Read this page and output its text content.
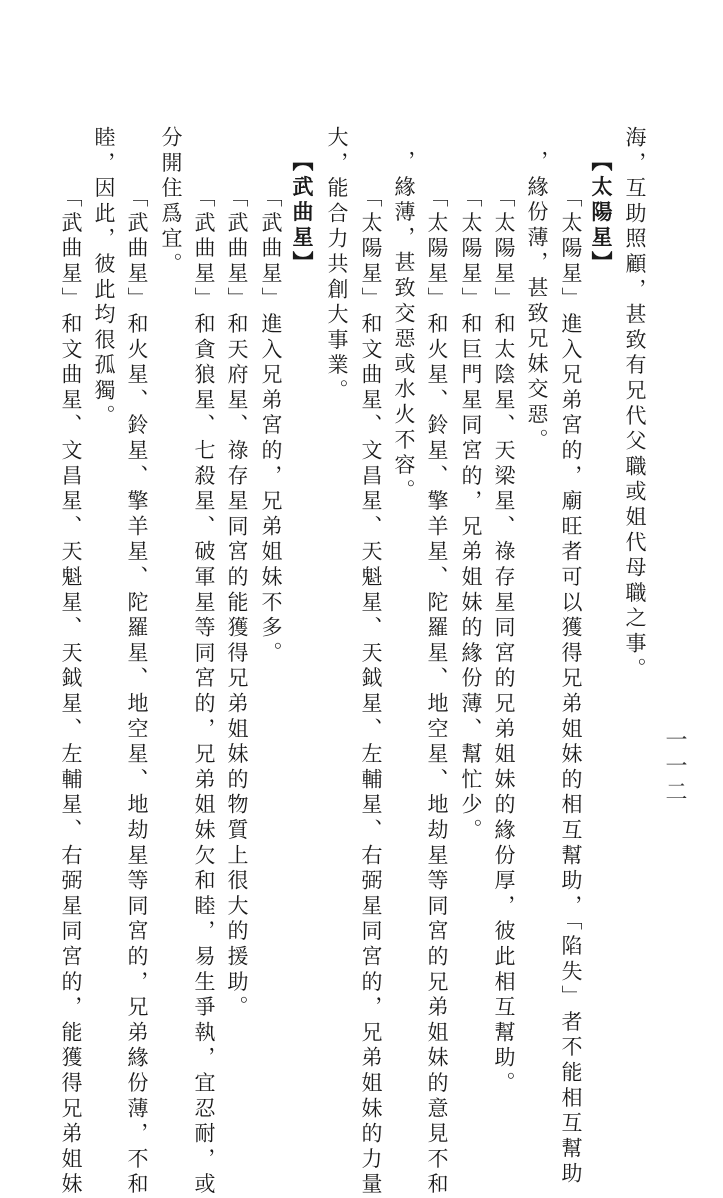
一一二
海，互助照顧，甚致有兄代父職或姐代母職之事。
【太陽星】
「太陽星」進入兄弟宮的，廟旺者可以獲得兄弟姐妹的相互幫助，「陷失」者不能相互幫助
，緣份薄，甚致兄妹交惡。
「太陽星」和太陰星、天梁星、祿存星同宮的兄弟姐妹的緣份厚，彼此相互幫助。
「太陽星」和巨門星同宮的，兄弟姐妹的緣份薄、幫忙少。
「太陽星」和火星、鈴星、擎羊星、陀羅星、地空星、地劫星等同宮的兄弟姐妹的意見不和
，緣薄，甚致交惡或水火不容。
「太陽星」和文曲星、文昌星、天魁星、天鉞星、左輔星、右弼星同宮的，兄弟姐妹的力量
大，能合力共創大事業。
【武曲星】
「武曲星」進入兄弟宮的，兄弟姐妹不多。
「武曲星」和天府星、祿存星同宮的能獲得兄弟姐妹的物質上很大的援助。
「武曲星」和貪狼星、七殺星、破軍星等同宮的，兄弟姐妹欠和睦，易生爭執，宜忍耐，或
分開住爲宜。
「武曲星」和火星、鈴星、擎羊星、陀羅星、地空星、地劫星等同宮的，兄弟緣份薄，不和
睦，因此，彼此均很孤獨。
「武曲星」和文曲星、文昌星、天魁星、天鉞星、左輔星、右弼星同宮的，能獲得兄弟姐妹
